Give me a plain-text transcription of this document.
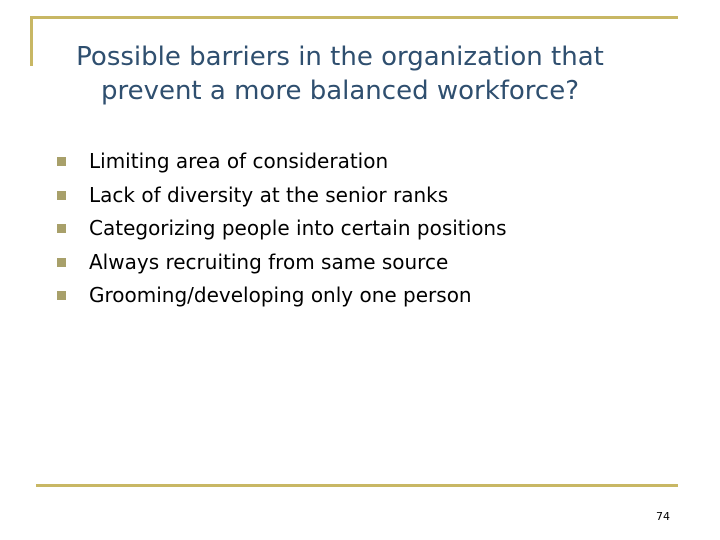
Possible barriers in the organization that
prevent a more balanced workforce?
Limiting area of consideration
Lack of diversity at the senior ranks
Categorizing people into certain positions
Always recruiting from same source
Grooming/developing only one person
74
